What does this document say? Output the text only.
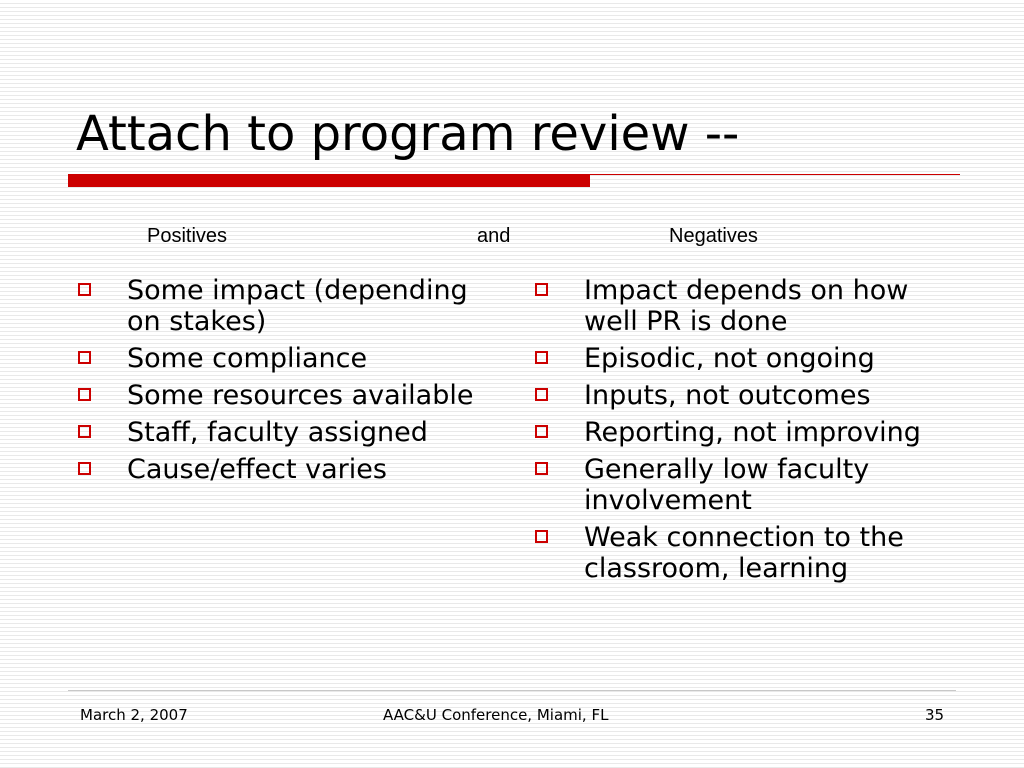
Attach to program review --
Positives	and	Negatives
Some impact (depending on stakes)
Some compliance
Some resources available
Staff, faculty assigned
Cause/effect varies
Impact depends on how well PR is done
Episodic, not ongoing
Inputs, not outcomes
Reporting, not improving
Generally low faculty involvement
Weak connection to the classroom, learning
March 2, 2007	AAC&U Conference, Miami, FL	35
